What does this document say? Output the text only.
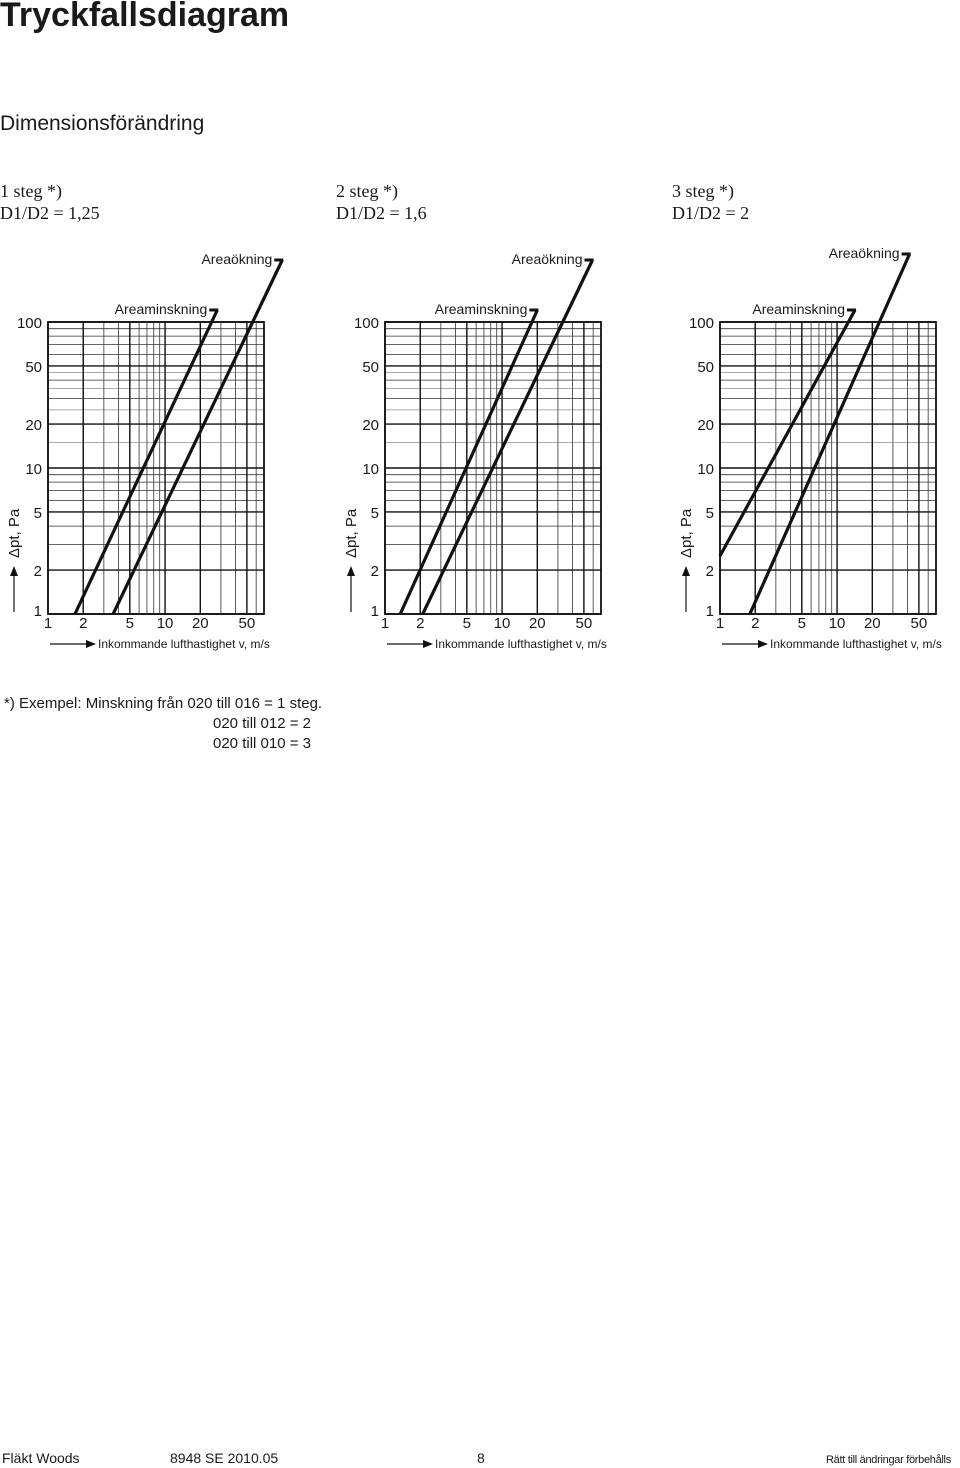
Tryckfallsdiagram
Dimensionsförändring
1 steg *)
D1/D2 = 1,25
2 steg *)
D1/D2 = 1,6
3 steg *)
D1/D2 = 2
1
2
5
10
20
50
100
1 2	5 10 20 50
Inkommande lufthastighet v, m/s
Δpt, Pa
Areaminskning
Areaökning
1
2
5
10
20
50
100
1 2	5 10 20 50
Inkommande lufthastighet v, m/s
Δpt, Pa
Areaminskning
Areaökning
1
2
5
10
20
50
100
1 2	5 10 20 50
Inkommande lufthastighet v, m/s
Δpt, Pa
Areaminskning
Areaökning
*) Exempel: Minskning från 020 till 016 = 1 steg.
020 till 012 = 2
020 till 010 = 3
Fläkt Woods	8948 SE 2010.05	8	Rätt till ändringar förbehålls
